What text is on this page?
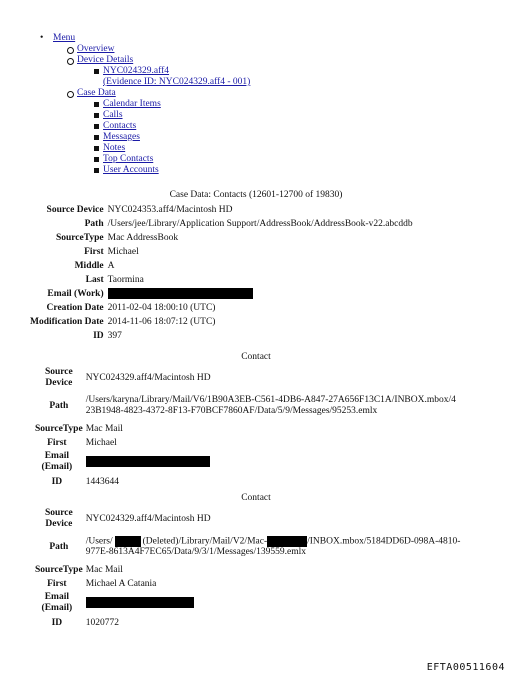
• Menu
Overview
Device Details
NYC024329.aff4
(Evidence ID: NYC024329.aff4 - 001)
Case Data
Calendar Items
Calls
Contacts
Messages
Notes
Top Contacts
User Accounts
Case Data: Contacts (12601-12700 of 19830)
Source Device	NYC024353.aff4/Macintosh HD
Path	/Users/jee/Library/Application Support/AddressBook/AddressBook-v22.abcddb
SourceType	Mac AddressBook
First	Michael
Middle	A
Last	Taormina
Email (Work)	
Creation Date	2011-02-04 18:00:10 (UTC)
Modification Date	2014-11-06 18:07:12 (UTC)
ID	397
Contact
Source
Device	NYC024329.aff4/Macintosh HD
Path	/Users/karyna/Library/Mail/V6/1B90A3EB-C561-4DB6-A847-27A656F13C1A/INBOX.mbox/4
23B1948-4823-4372-8F13-F70BCF7860AF/Data/5/9/Messages/95253.emlx
SourceType	Mac Mail
First	Michael
Email
(Email)	
ID	1443644
Contact
Source
Device	NYC024329.aff4/Macintosh HD
Path	/Users/ (Deleted)/Library/Mail/V2/Mac- /INBOX.mbox/5184DD6D-098A-4810-
977E-8613A4F7EC65/Data/9/3/1/Messages/139559.emlx
SourceType	Mac Mail
First	Michael A Catania
Email
(Email)	
ID	1020772
EFTA00511604
